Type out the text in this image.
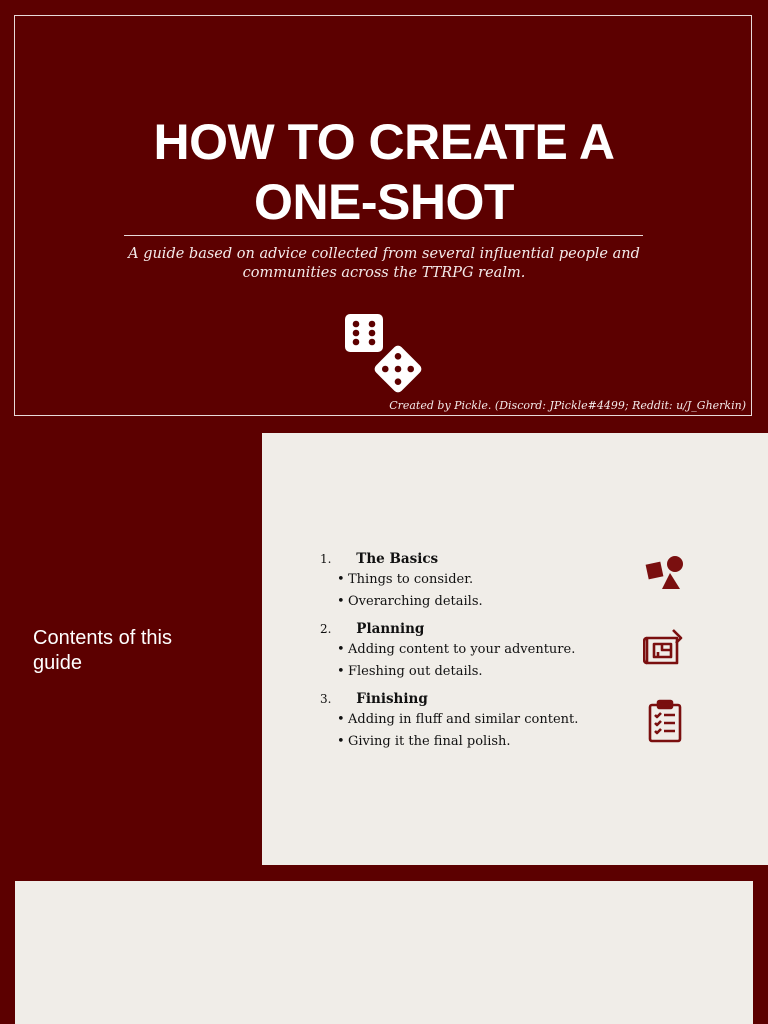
HOW TO CREATE A
ONE-SHOT
A guide based on advice collected from several influential people and
communities across the TTRPG realm.
Created by Pickle. (Discord: JPickle#4499; Reddit: u/J_Gherkin)
Contents of this
guide
1. The Basics
• Things to consider.
• Overarching details.
2. Planning
• Adding content to your adventure.
• Fleshing out details.
3. Finishing
• Adding in fluff and similar content.
• Giving it the final polish.
